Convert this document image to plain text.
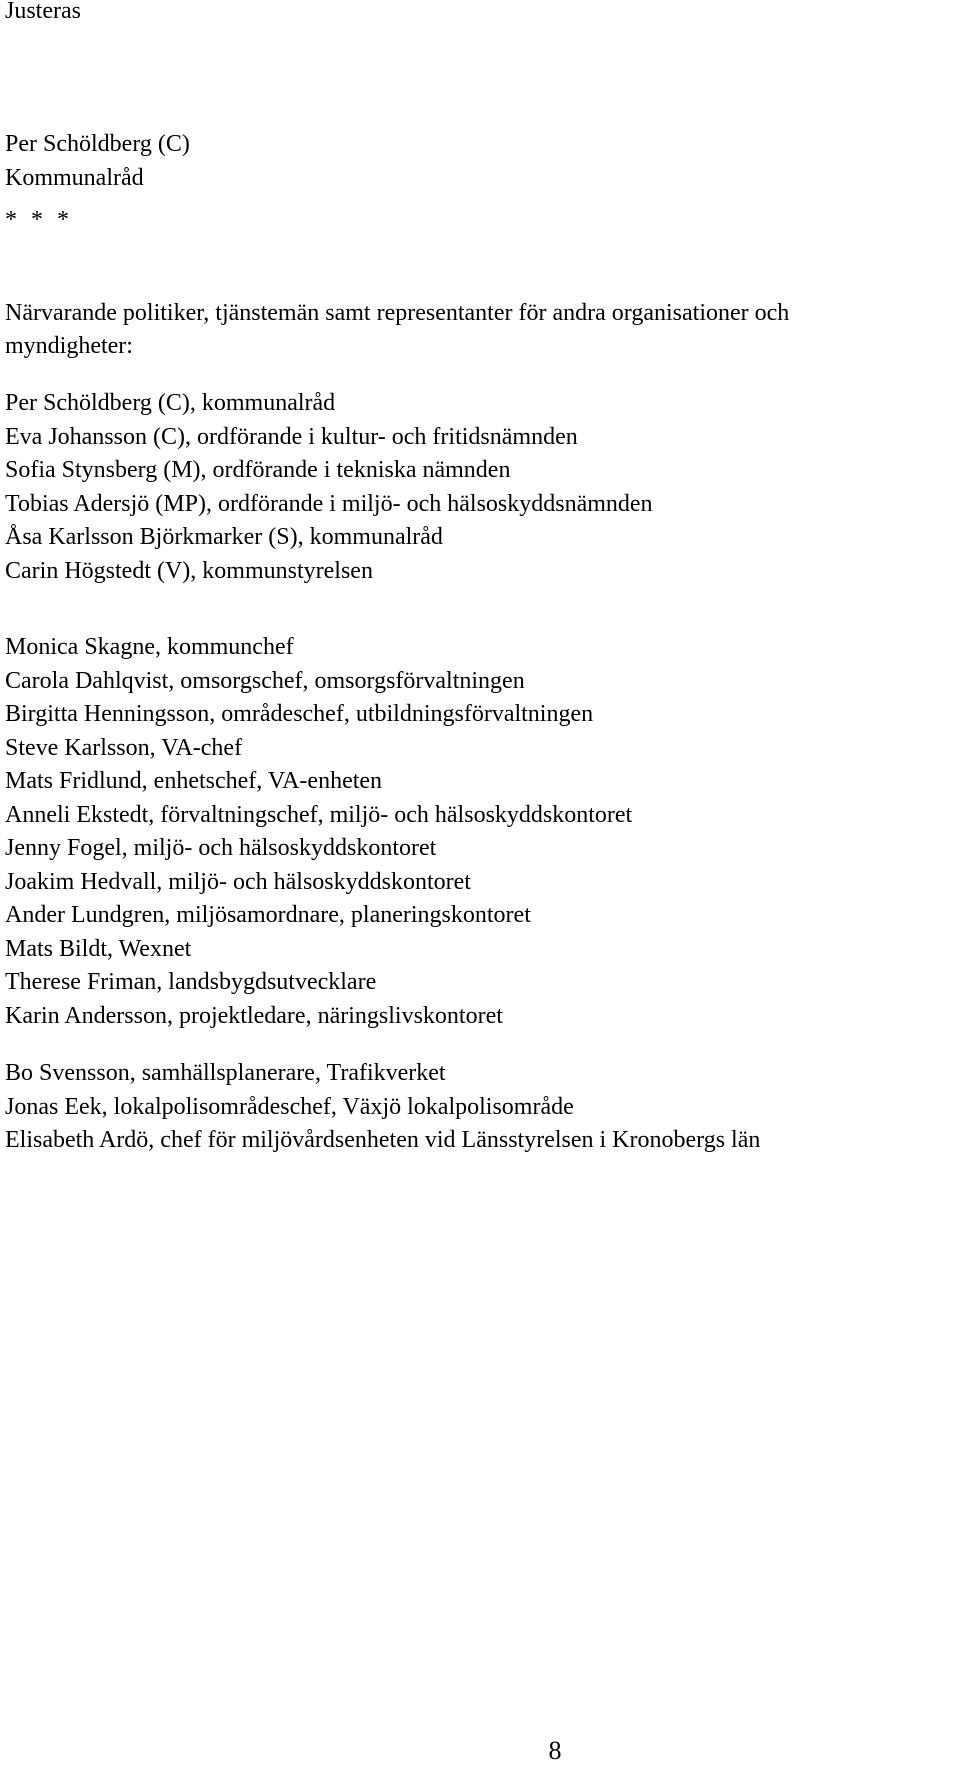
Justeras

Per Schöldberg (C)

Kommunalråd

* * *

Närvarande politiker, tjänstemän samt representanter för andra organisationer och

myndigheter:

Per Schöldberg (C), kommunalråd
Eva Johansson (C), ordförande i kultur- och fritidsnämnden
Sofia Stynsberg (M), ordförande i tekniska nämnden
Tobias Adersjö (MP), ordförande i miljö- och hälsoskyddsnämnden
Åsa Karlsson Björkmarker (S), kommunalråd
Carin Högstedt (V), kommunstyrelsen
Monica Skagne, kommunchef
Carola Dahlqvist, omsorgschef, omsorgsförvaltningen
Birgitta Henningsson, områdeschef, utbildningsförvaltningen
Steve Karlsson, VA-chef
Mats Fridlund, enhetschef, VA-enheten
Anneli Ekstedt, förvaltningschef, miljö- och hälsoskyddskontoret
Jenny Fogel, miljö- och hälsoskyddskontoret
Joakim Hedvall, miljö- och hälsoskyddskontoret
Ander Lundgren, miljösamordnare, planeringskontoret
Mats Bildt, Wexnet
Therese Friman, landsbygdsutvecklare
Karin Andersson, projektledare, näringslivskontoret
Bo Svensson, samhällsplanerare, Trafikverket
Jonas Eek, lokalpolisområdeschef, Växjö lokalpolisområde
Elisabeth Ardö, chef för miljövårdsenheten vid Länsstyrelsen i Kronobergs län
8
